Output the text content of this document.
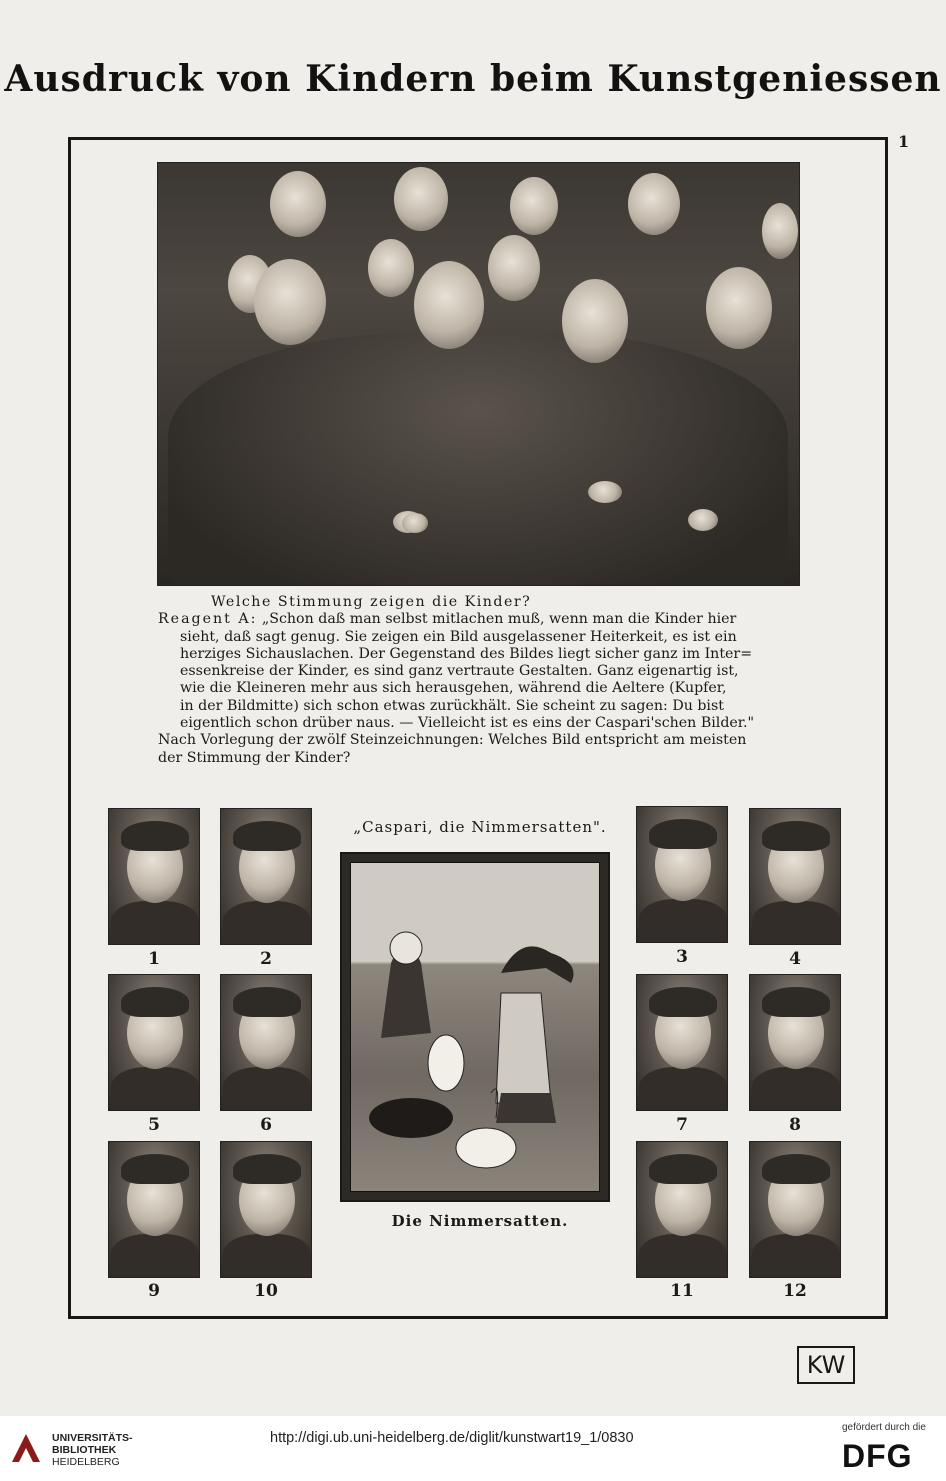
Ausdruck von Kindern beim Kunstgeniessen
1

Welche Stimmung zeigen die Kinder?

Reagent A: „Schon daß man selbst mitlachen muß, wenn man die Kinder hier

sieht, daß sagt genug. Sie zeigen ein Bild ausgelassener Heiterkeit, es ist ein

herziges Sichauslachen. Der Gegenstand des Bildes liegt sicher ganz im Inter=

essenkreise der Kinder, es sind ganz vertraute Gestalten. Ganz eigenartig ist,

wie die Kleineren mehr aus sich herausgehen, während die Aeltere (Kupfer,

in der Bildmitte) sich schon etwas zurückhält. Sie scheint zu sagen: Du bist

eigentlich schon drüber naus. — Vielleicht ist es eins der Caspari'schen Bilder."

Nach Vorlegung der zwölf Steinzeichnungen: Welches Bild entspricht am meisten

der Stimmung der Kinder?

1	2
5	6
9	10
„Caspari, die Nimmersatten".
Die Nimmersatten.
3	4
7	8
11	12
KW
UNIVERSITÄTS-
BIBLIOTHEK
HEIDELBERG
http://digi.ub.uni-heidelberg.de/diglit/kunstwart19_1/0830
gefördert durch die
DFG
